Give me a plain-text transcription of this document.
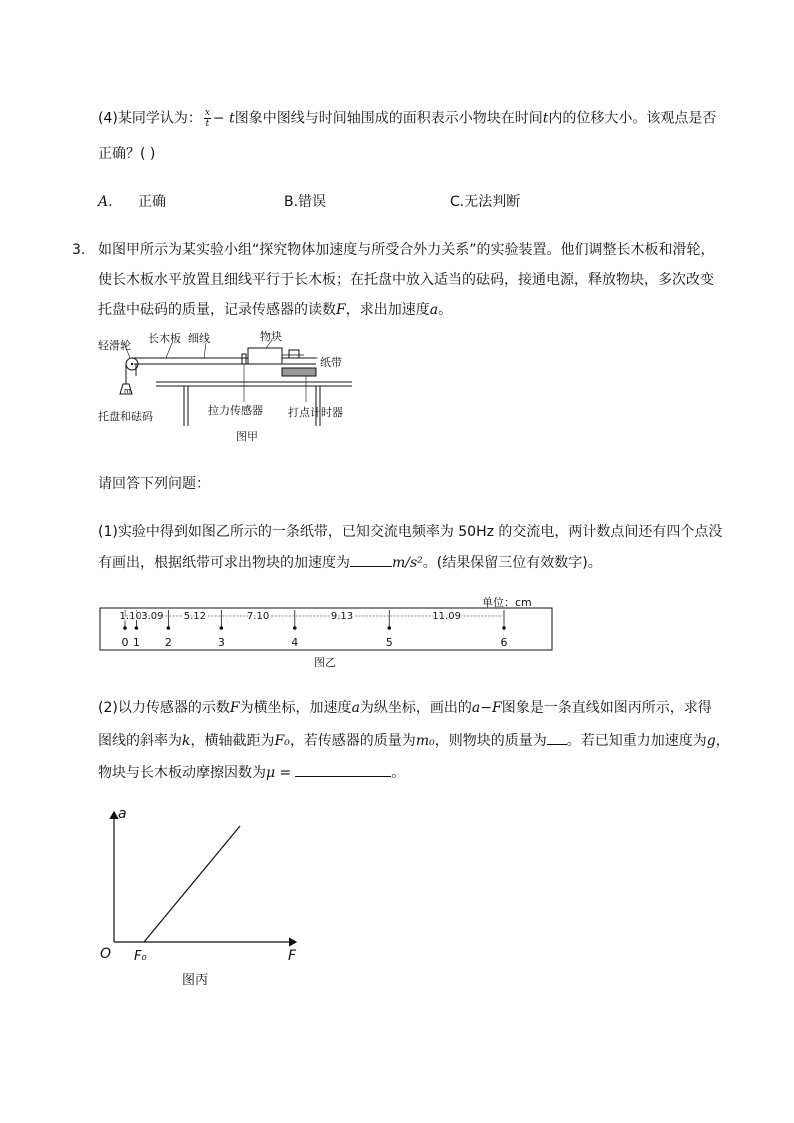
(4)某同学认为： $\frac{x}{t} - t$图象中图线与时间轴围成的面积表示小物块在时间t内的位移大小。该观点是否
正确？( )
A. 正确	B.错误	C.无法判断
3. 如图甲所示为某实验小组“探究物体加速度与所受合外力关系”的实验装置。他们调整长木板和滑轮，
使长木板水平放置且细线平行于长木板；在托盘中放入适当的砝码，接通电源，释放物块，多次改变
托盘中砝码的质量，记录传感器的读数F，求出加速度a。
m
轻滑轮
长木板 细线	物块
纸带
托盘和砝码	拉力传感器 打点计时器
图甲
请回答下列问题：
(1)实验中得到如图乙所示的一条纸带，已知交流电频率为 50Hz 的交流电，两计数点间还有四个点没
有画出，根据纸带可求出物块的加速度为	m/s²。(结果保留三位有效数字)。
单位：cm
0 1 2	3	4	5	6
1.10 3.09 5.12	7.10	9.13	11.09
图乙
(2)以力传感器的示数F为横坐标，加速度a为纵坐标，画出的a−F图象是一条直线如图丙所示，求得
图线的斜率为k，横轴截距为F₀，若传感器的质量为m₀，则物块的质量为 。若已知重力加速度为g，
物块与长木板动摩擦因数为μ =	。
a
F
O F₀
图丙
